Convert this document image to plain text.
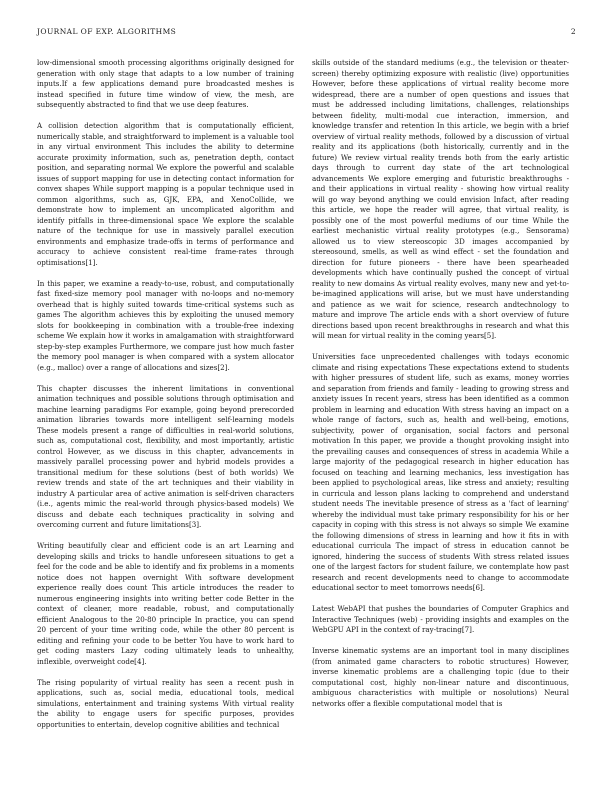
JOURNAL OF EXP. ALGORITHMS	2

low-dimensional smooth processing algorithms originally designed for generation with only stage that adapts to a low number of training inputs.If a few applications demand pure broadcasted meshes is instead specified in future time window of view, the mesh, are subsequently abstracted to find that we use deep features.

A collision detection algorithm that is computationally efficient, numerically stable, and straightforward to implement is a valuable tool in any virtual environment This includes the ability to determine accurate proximity information, such as, penetration depth, contact position, and separating normal We explore the powerful and scalable issues of support mapping for use in detecting contact information for convex shapes While support mapping is a popular technique used in common algorithms, such as, GJK, EPA, and XenoCollide, we demonstrate how to implement an uncomplicated algorithm and identify pitfalls in three-dimensional space We explore the scalable nature of the technique for use in massively parallel execution environments and emphasize trade-offs in terms of performance and accuracy to achieve consistent real-time frame-rates through optimisations[1].

In this paper, we examine a ready-to-use, robust, and computationally fast fixed-size memory pool manager with no-loops and no-memory overhead that is highly suited towards time-critical systems such as games The algorithm achieves this by exploiting the unused memory slots for bookkeeping in combination with a trouble-free indexing scheme We explain how it works in amalgamation with straightforward step-by-step examples Furthermore, we compare just how much faster the memory pool manager is when compared with a system allocator (e.g., malloc) over a range of allocations and sizes[2].

This chapter discusses the inherent limitations in conventional animation techniques and possible solutions through optimisation and machine learning paradigms For example, going beyond prerecorded animation libraries towards more intelligent self-learning models These models present a range of difficulties in real-world solutions, such as, computational cost, flexibility, and most importantly, artistic control However, as we discuss in this chapter, advancements in massively parallel processing power and hybrid models provides a transitional medium for these solutions (best of both worlds) We review trends and state of the art techniques and their viability in industry A particular area of active animation is self-driven characters (i.e., agents mimic the real-world through physics-based models) We discuss and debate each techniques practicality in solving and overcoming current and future limitations[3].

Writing beautifully clear and efficient code is an art Learning and developing skills and tricks to handle unforeseen situations to get a feel for the code and be able to identify and fix problems in a moments notice does not happen overnight With software development experience really does count This article introduces the reader to numerous engineering insights into writing better code Better in the context of cleaner, more readable, robust, and computationally efficient Analogous to the 20-80 principle In practice, you can spend 20 percent of your time writing code, while the other 80 percent is editing and refining your code to be better You have to work hard to get coding masters Lazy coding ultimately leads to unhealthy, inflexible, overweight code[4].

The rising popularity of virtual reality has seen a recent push in applications, such as, social media, educational tools, medical simulations, entertainment and training systems With virtual reality the ability to engage users for specific purposes, provides opportunities to entertain, develop cognitive abilities and technical

skills outside of the standard mediums (e.g., the television or theater-screen) thereby optimizing exposure with realistic (live) opportunities However, before these applications of virtual reality become more widespread, there are a number of open questions and issues that must be addressed including limitations, challenges, relationships between fidelity, multi-modal cue interaction, immersion, and knowledge transfer and retention In this article, we begin with a brief overview of virtual reality methods, followed by a discussion of virtual reality and its applications (both historically, currently and in the future) We review virtual reality trends both from the early artistic days through to current day state of the art technological advancements We explore emerging and futuristic breakthroughs - and their applications in virtual reality - showing how virtual reality will go way beyond anything we could envision Infact, after reading this article, we hope the reader will agree, that virtual reality, is possibly one of the most powerful mediums of our time While the earliest mechanistic virtual reality prototypes (e.g., Sensorama) allowed us to view stereoscopic 3D images accompanied by stereosound, smells, as well as wind effect - set the foundation and direction for future pioneers - there have been spearheaded developments which have continually pushed the concept of virtual reality to new domains As virtual reality evolves, many new and yet-to-be-imagined applications will arise, but we must have understanding and patience as we wait for science, research andtechnology to mature and improve The article ends with a short overview of future directions based upon recent breakthroughs in research and what this will mean for virtual reality in the coming years[5].

Universities face unprecedented challenges with todays economic climate and rising expectations These expectations extend to students with higher pressures of student life, such as exams, money worries and separation from friends and family - leading to growing stress and anxiety issues In recent years, stress has been identified as a common problem in learning and education With stress having an impact on a whole range of factors, such as, health and well-being, emotions, subjectivity, power of organisation, social factors and personal motivation In this paper, we provide a thought provoking insight into the prevailing causes and consequences of stress in academia While a large majority of the pedagogical research in higher education has focused on teaching and learning mechanics, less investigation has been applied to psychological areas, like stress and anxiety; resulting in curricula and lesson plans lacking to comprehend and understand student needs The inevitable presence of stress as a 'fact of learning' whereby the individual must take primary responsibility for his or her capacity in coping with this stress is not always so simple We examine the following dimensions of stress in learning and how it fits in with educational curricula The impact of stress in education cannot be ignored, hindering the success of students With stress related issues one of the largest factors for student failure, we contemplate how past research and recent developments need to change to accommodate educational sector to meet tomorrows needs[6].

Latest WebAPI that pushes the boundaries of Computer Graphics and Interactive Techniques (web) - providing insights and examples on the WebGPU API in the context of ray-tracing[7].

Inverse kinematic systems are an important tool in many disciplines (from animated game characters to robotic structures) However, inverse kinematic problems are a challenging topic (due to their computational cost, highly non-linear nature and discontinuous, ambiguous characteristics with multiple or nosolutions) Neural networks offer a flexible computational model that is
